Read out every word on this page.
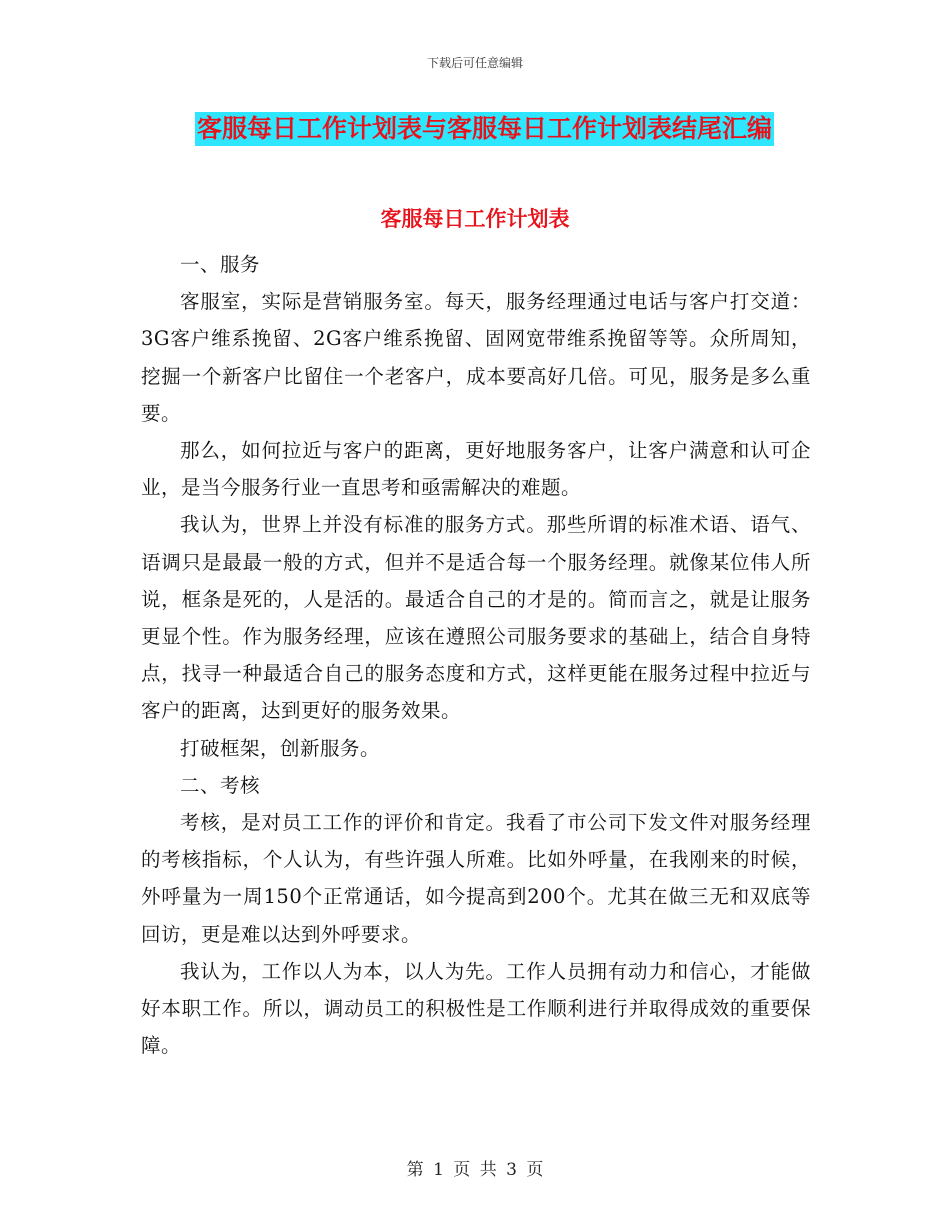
下载后可任意编辑
客服每日工作计划表与客服每日工作计划表结尾汇编
客服每日工作计划表

一、服务

客服室，实际是营销服务室。每天，服务经理通过电话与客户打交道：3G客户维系挽留、2G客户维系挽留、固网宽带维系挽留等等。众所周知，挖掘一个新客户比留住一个老客户，成本要高好几倍。可见，服务是多么重要。

那么，如何拉近与客户的距离，更好地服务客户，让客户满意和认可企业，是当今服务行业一直思考和亟需解决的难题。

我认为，世界上并没有标准的服务方式。那些所谓的标准术语、语气、语调只是最最一般的方式，但并不是适合每一个服务经理。就像某位伟人所说，框条是死的，人是活的。最适合自己的才是的。简而言之，就是让服务更显个性。作为服务经理，应该在遵照公司服务要求的基础上，结合自身特点，找寻一种最适合自己的服务态度和方式，这样更能在服务过程中拉近与客户的距离，达到更好的服务效果。

打破框架，创新服务。

二、考核

考核，是对员工工作的评价和肯定。我看了市公司下发文件对服务经理的考核指标，个人认为，有些许强人所难。比如外呼量，在我刚来的时候，外呼量为一周150个正常通话，如今提高到200个。尤其在做三无和双底等回访，更是难以达到外呼要求。

我认为，工作以人为本，以人为先。工作人员拥有动力和信心，才能做好本职工作。所以，调动员工的积极性是工作顺利进行并取得成效的重要保障。

第 1 页 共 3 页
